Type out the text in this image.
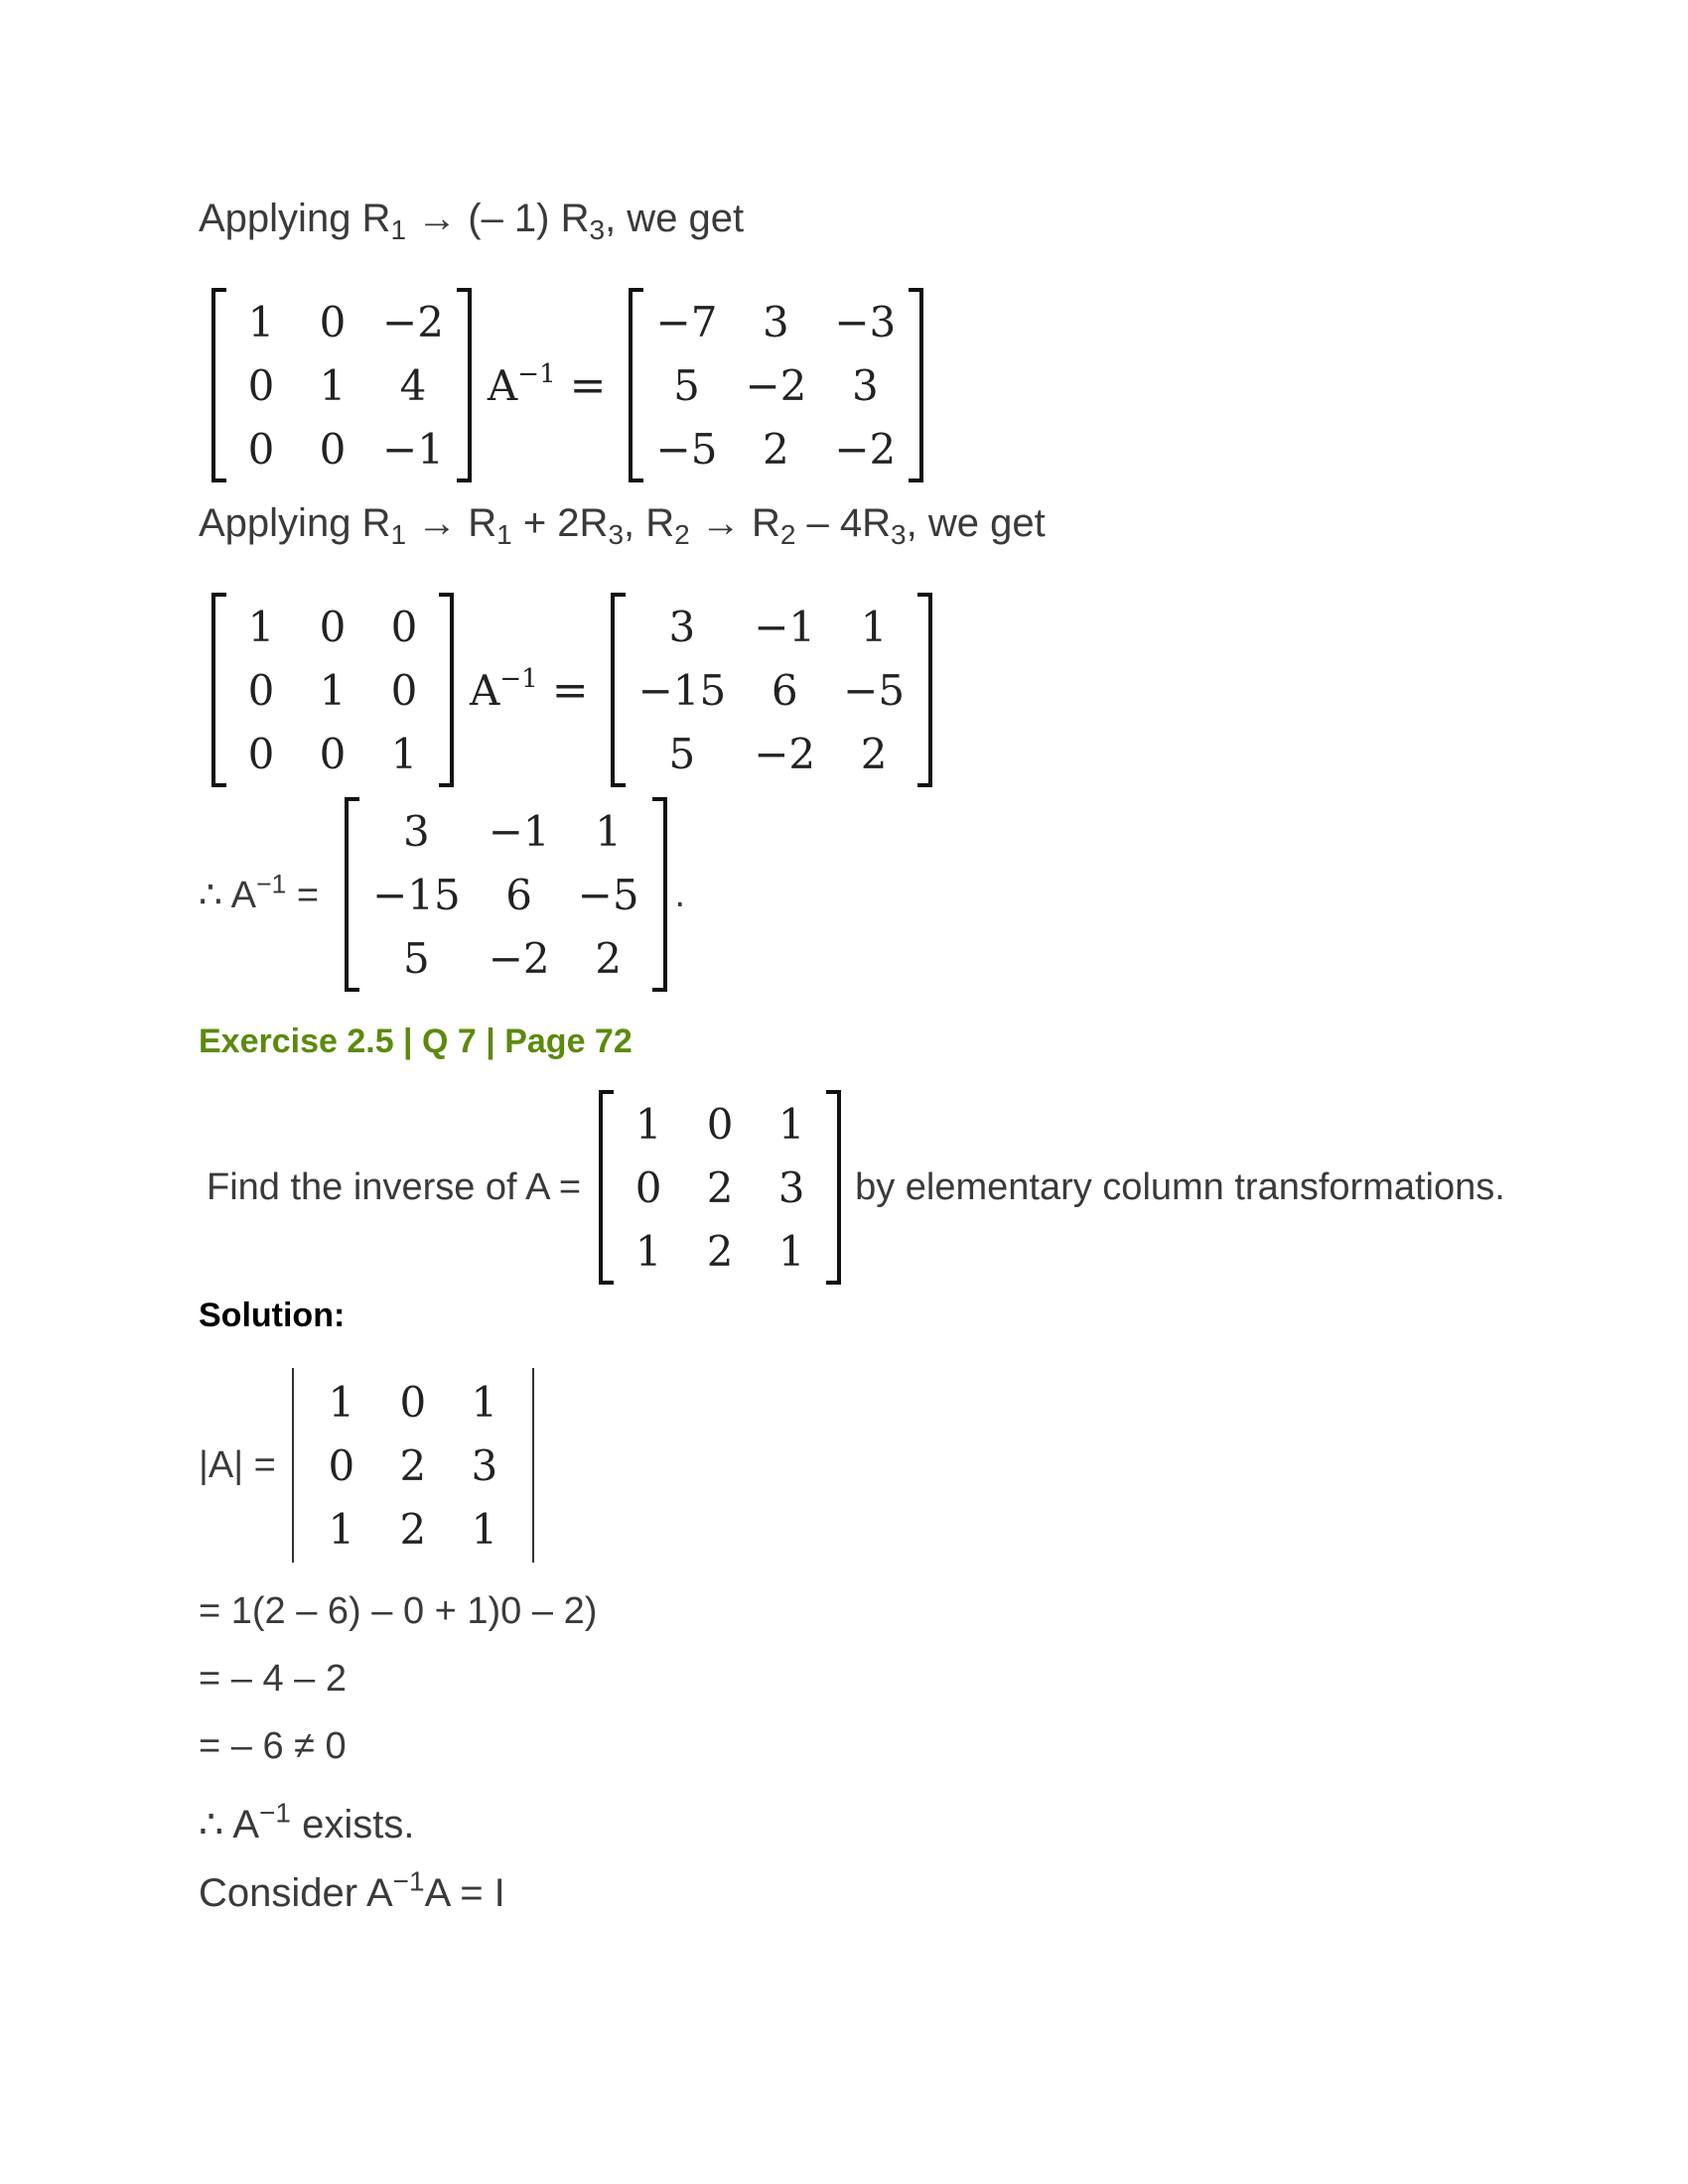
Applying $R_1$ → (– 1) $R_3$, we get
1	0	−2
0	1	4
0	0	−1
$A^{-1}$ =
−7	3	−3
5	−2	3
−5	2	−2
Applying $R_1 \to R_1 + 2R_3$, $R_2 \to R_2 - 4R_3$, we get
1	0	0
0	1	0
0	0	1
$A^{-1}$ =
3	−1	1
−15	6	−5
5	−2	2
∴ $A^{-1}$ =
3	−1	1
−15	6	−5
5	−2	2
.
Exercise 2.5 | Q 7 | Page 72
Find the inverse of A =
1	0	1
0	2	3
1	2	1
by elementary column transformations.
Solution:
|A| =
1	0	1
0	2	3
1	2	1
= 1(2 – 6) – 0 + 1)0 – 2)
= – 4 – 2
= – 6 ≠ 0
∴ $A^{-1}$ exists.
Consider $A^{-1}A = I$
